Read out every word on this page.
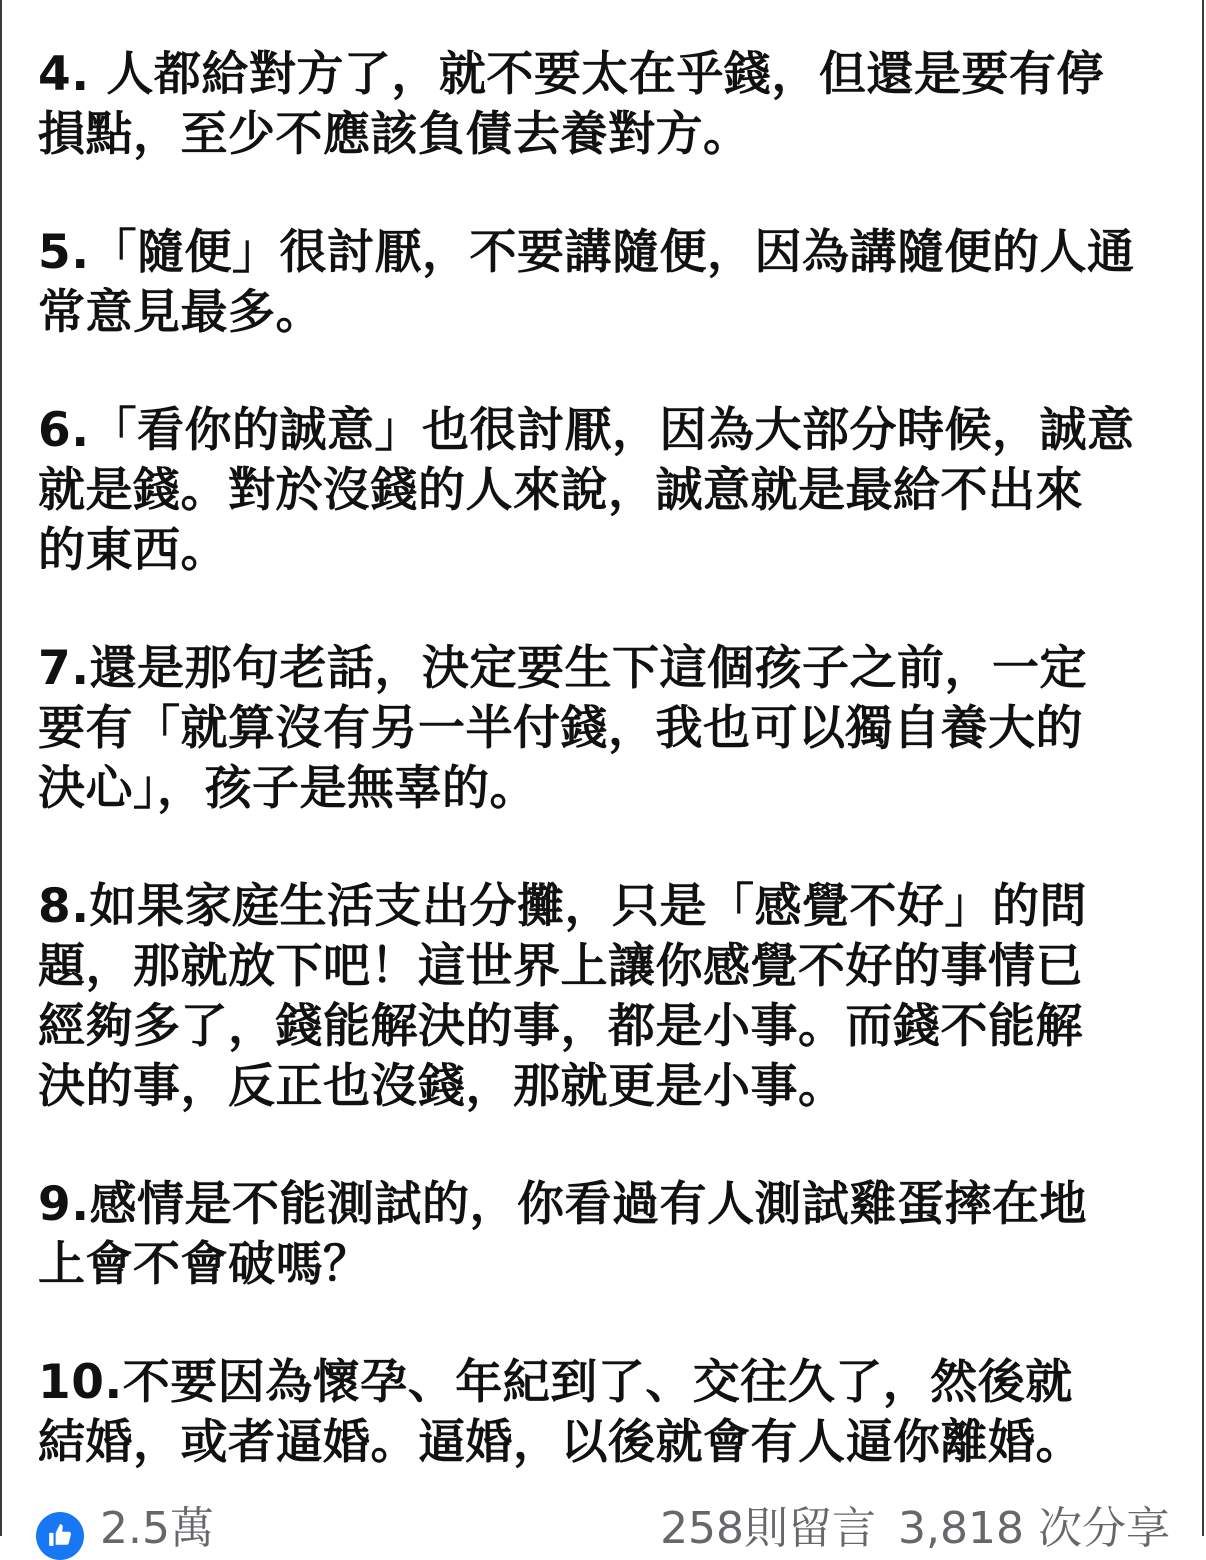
4. 人都給對方了，就不要太在乎錢，但還是要有停
損點，至少不應該負債去養對方。
5.「隨便」很討厭，不要講隨便，因為講隨便的人通
常意見最多。
6.「看你的誠意」也很討厭，因為大部分時候，誠意
就是錢。對於沒錢的人來說，誠意就是最給不出來
的東西。
7.還是那句老話，決定要生下這個孩子之前，一定
要有「就算沒有另一半付錢，我也可以獨自養大的
決心」，孩子是無辜的。
8.如果家庭生活支出分攤，只是「感覺不好」的問
題，那就放下吧！這世界上讓你感覺不好的事情已
經夠多了，錢能解決的事，都是小事。而錢不能解
決的事，反正也沒錢，那就更是小事。
9.感情是不能測試的，你看過有人測試雞蛋摔在地
上會不會破嗎？
10.不要因為懷孕、年紀到了、交往久了，然後就
結婚，或者逼婚。逼婚，以後就會有人逼你離婚。
2.5萬	258則留言 3,818 次分享
